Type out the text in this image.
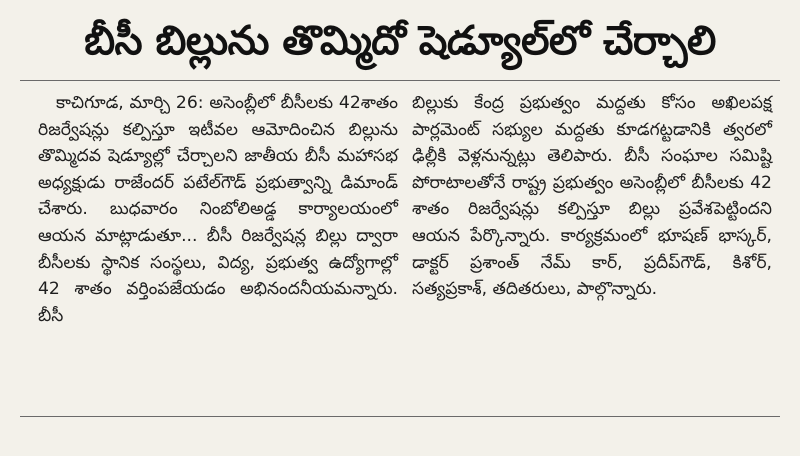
బీసీ బిల్లును తొమ్మిదో షెడ్యూల్‌లో చేర్చాలి

కాచిగూడ, మార్చి 26: అసెంబ్లీలో బీసీలకు 42శాతం రిజర్వేషన్లు కల్పిస్తూ ఇటీవల ఆమోదించిన బిల్లును తొమ్మిదవ షెడ్యూల్లో చేర్చాలని జాతీయ బీసీ మహాసభ అధ్యక్షుడు రాజేందర్ పటేల్‌గౌడ్ ప్రభుత్వాన్ని డిమాండ్ చేశారు. బుధవారం నింబోలిఅడ్డ కార్యాలయంలో ఆయన మాట్లాడుతూ... బీసీ రిజర్వేషన్ల బిల్లు ద్వారా బీసీలకు స్థానిక సంస్థలు, విద్య, ప్రభుత్వ ఉద్యోగాల్లో 42 శాతం వర్తింపజేయడం అభినందనీయమన్నారు. బీసీ

బిల్లుకు కేంద్ర ప్రభుత్వం మద్దతు కోసం అఖిలపక్ష పార్లమెంట్ సభ్యుల మద్దతు కూడగట్టడానికి త్వరలో ఢిల్లీకి వెళ్లనున్నట్లు తెలిపారు. బీసీ సంఘాల సమిష్టి పోరాటాలతోనే రాష్ట్ర ప్రభుత్వం అసెంబ్లీలో బీసీలకు 42 శాతం రిజర్వేషన్లు కల్పిస్తూ బిల్లు ప్రవేశపెట్టిందని ఆయన పేర్కొన్నారు. కార్యక్రమంలో భూషణ్ భాస్కర్, డాక్టర్ ప్రశాంత్ నేమ్ కార్, ప్రదీప్‌గౌడ్, కిశోర్, సత్యప్రకాశ్, తదితరులు, పాల్గొన్నారు.
